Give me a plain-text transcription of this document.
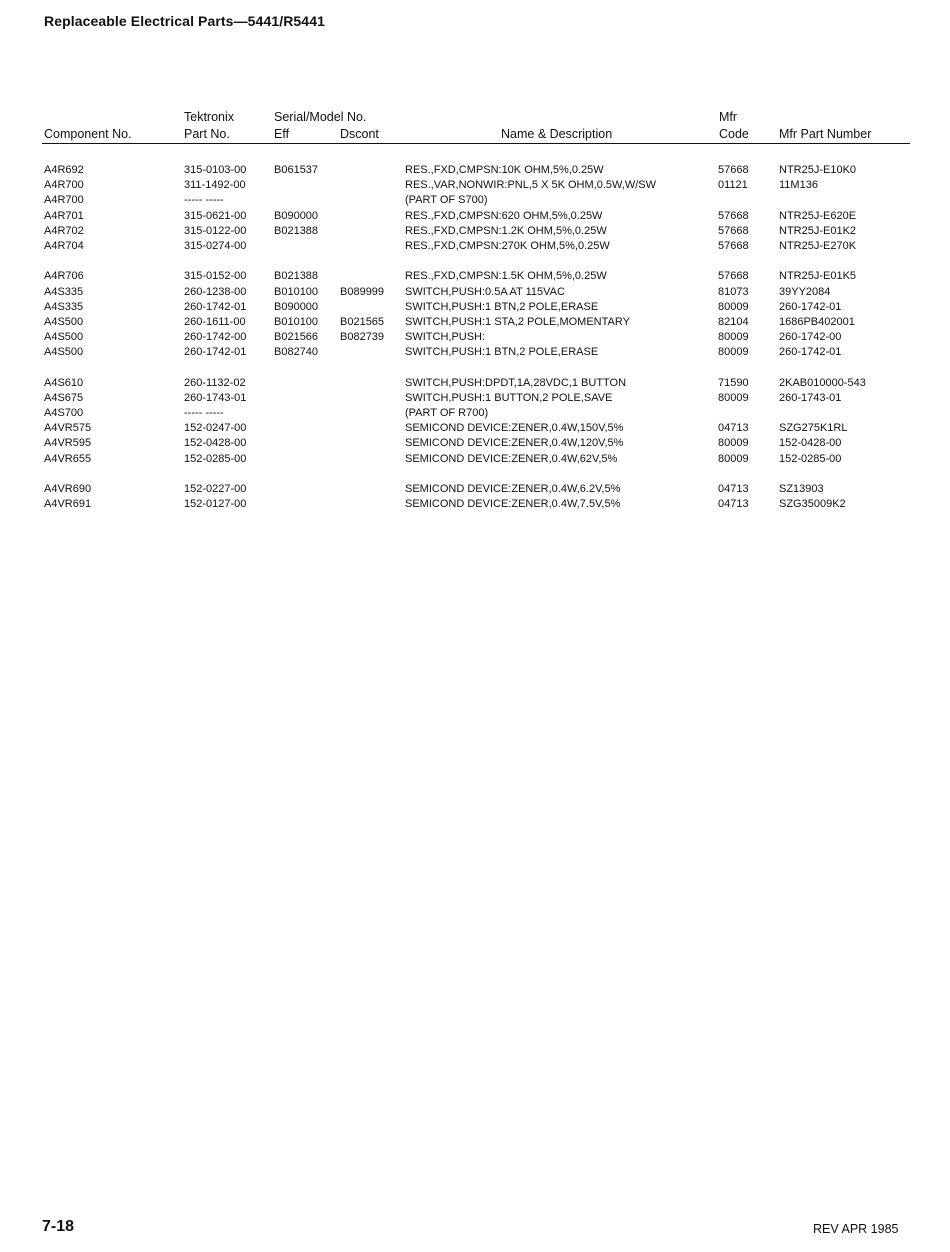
Replaceable Electrical Parts—5441/R5441
Component No.
Tektronix
Part No.
Serial/Model No.
Eff	Dscont	Name & Description
Mfr
Code Mfr Part Number
A4R692	315-0103-00	B061537	RES.,FXD,CMPSN:10K OHM,5%,0.25W	57668	NTR25J-E10K0
A4R700	311-1492-00	RES.,VAR,NONWIR:PNL,5 X 5K OHM,0.5W,W/SW	01121	11M136
A4R700	----- -----	(PART OF S700)
A4R701	315-0621-00	B090000	RES.,FXD,CMPSN:620 OHM,5%,0.25W	57668	NTR25J-E620E
A4R702	315-0122-00	B021388	RES.,FXD,CMPSN:1.2K OHM,5%,0.25W	57668	NTR25J-E01K2
A4R704	315-0274-00	RES.,FXD,CMPSN:270K OHM,5%,0.25W	57668	NTR25J-E270K
A4R706	315-0152-00	B021388	RES.,FXD,CMPSN:1.5K OHM,5%,0.25W	57668	NTR25J-E01K5
A4S335	260-1238-00	B010100 B089999 SWITCH,PUSH:0.5A AT 115VAC	81073	39YY2084
A4S335	260-1742-01	B090000	SWITCH,PUSH:1 BTN,2 POLE,ERASE	80009	260-1742-01
A4S500	260-1611-00	B010100 B021565 SWITCH,PUSH:1 STA,2 POLE,MOMENTARY	82104	1686PB402001
A4S500	260-1742-00	B021566 B082739 SWITCH,PUSH:	80009	260-1742-00
A4S500	260-1742-01	B082740	SWITCH,PUSH:1 BTN,2 POLE,ERASE	80009	260-1742-01
A4S610	260-1132-02	SWITCH,PUSH:DPDT,1A,28VDC,1 BUTTON	71590	2KAB010000-543
A4S675	260-1743-01	SWITCH,PUSH:1 BUTTON,2 POLE,SAVE	80009	260-1743-01
A4S700	----- -----	(PART OF R700)
A4VR575	152-0247-00	SEMICOND DEVICE:ZENER,0.4W,150V,5%	04713	SZG275K1RL
A4VR595	152-0428-00	SEMICOND DEVICE:ZENER,0.4W,120V,5%	80009	152-0428-00
A4VR655	152-0285-00	SEMICOND DEVICE:ZENER,0.4W,62V,5%	80009	152-0285-00
A4VR690	152-0227-00	SEMICOND DEVICE:ZENER,0.4W,6.2V,5%	04713	SZ13903
A4VR691	152-0127-00	SEMICOND DEVICE:ZENER,0.4W,7.5V,5%	04713	SZG35009K2
7-18	REV APR 1985
